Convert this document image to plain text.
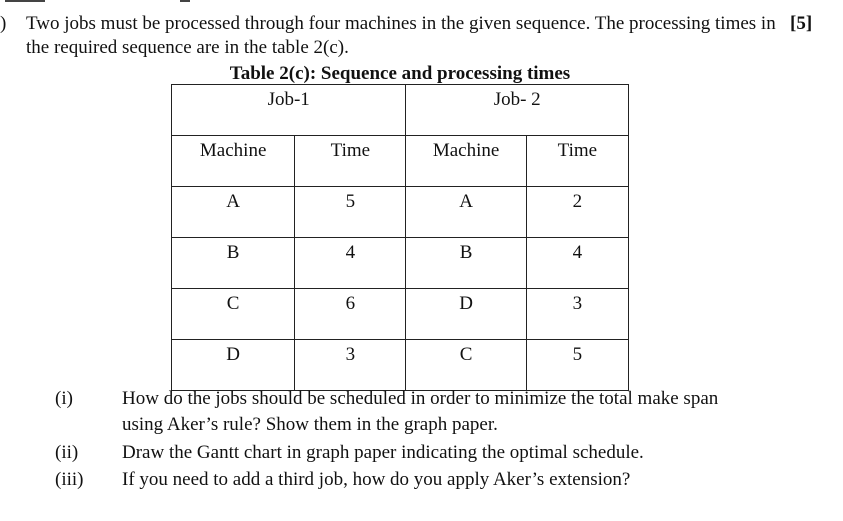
) Two jobs must be processed through four machines in the given sequence. The processing times in the required sequence are in the table 2(c).
[5]
Table 2(c): Sequence and processing times
Job-1		Job- 2	
Machine	Time	Machine	Time
A	5	A	2
B	4	B	4
C	6	D	3
D	3	C	5
(i)	How do the jobs should be scheduled in order to minimize the total make span using Aker’s rule? Show them in the graph paper.
(ii) Draw the Gantt chart in graph paper indicating the optimal schedule.
(iii) If you need to add a third job, how do you apply Aker’s extension?
